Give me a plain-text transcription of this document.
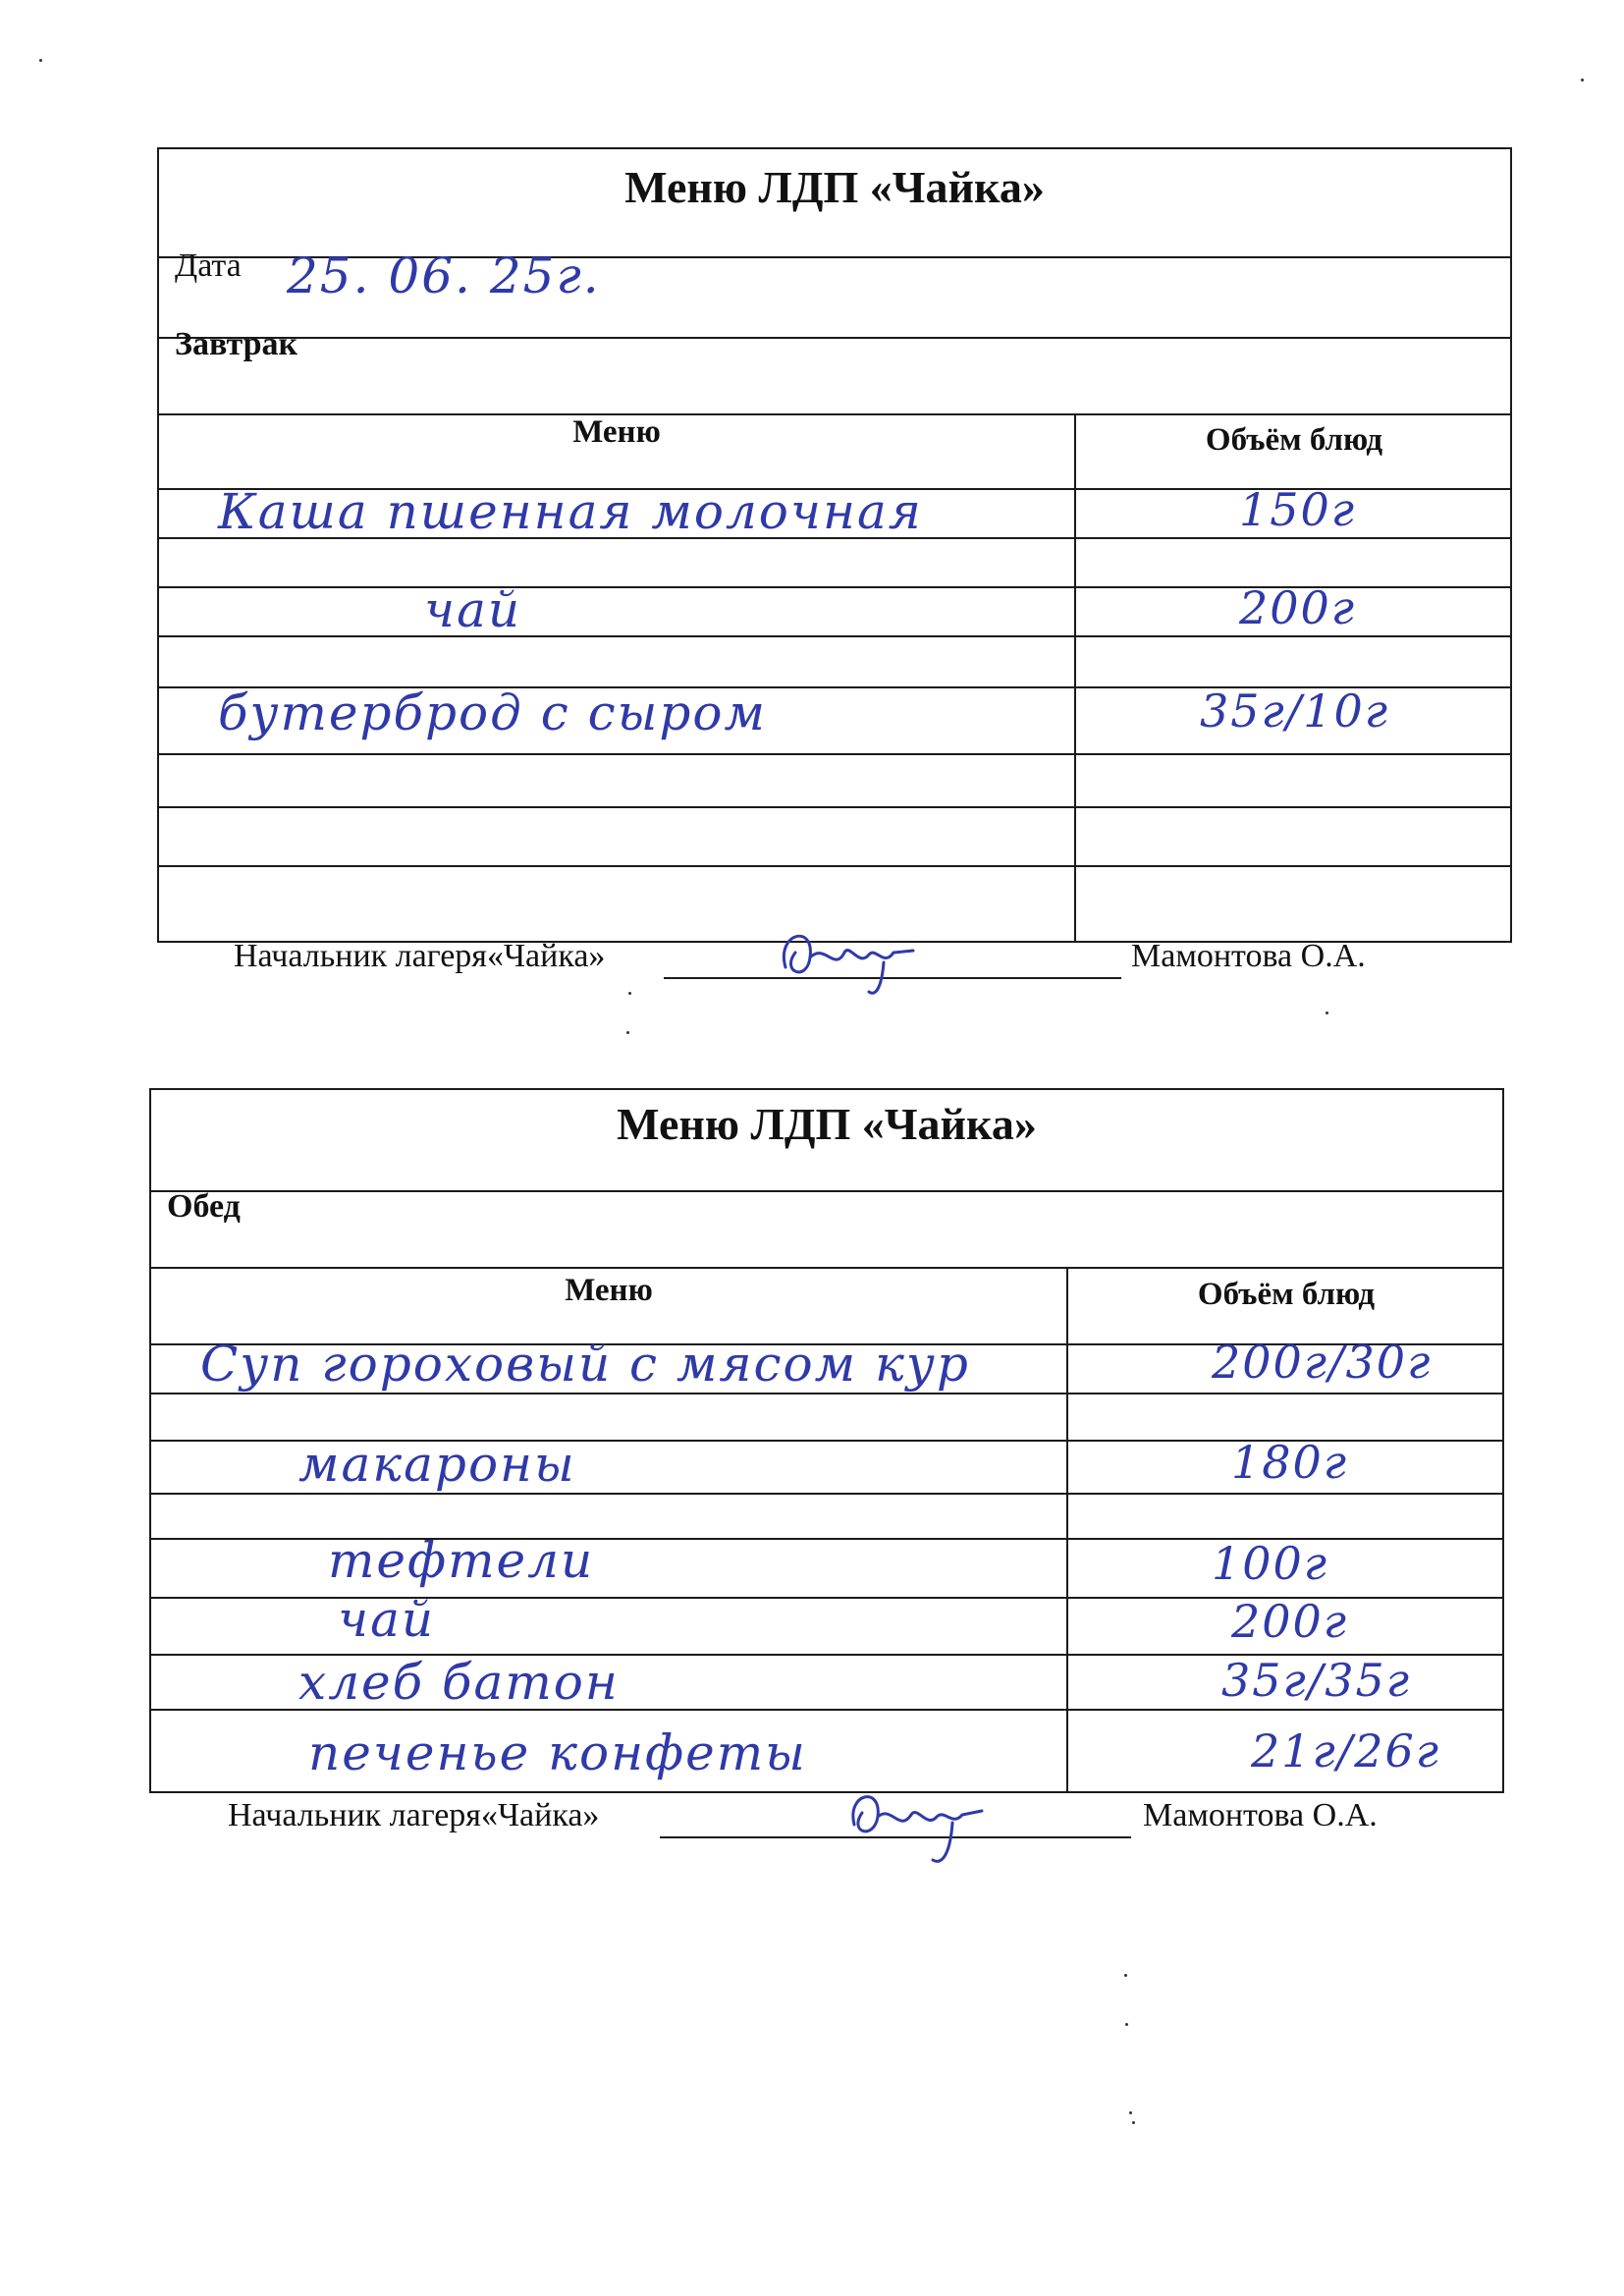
Меню ЛДП «Чайка»
Дата 25. 06. 25г.
Завтрак
Меню	Объём блюд
Каша пшенная молочная	150г
чай	200г
бутерброд с сыром	35г/10г
Начальник лагеря«Чайка»	Мамонтова О.А.
Меню ЛДП «Чайка»
Обед
Меню	Объём блюд
Суп гороховый с мясом кур	200г/30г
макароны	180г
тефтели	100г
чай	200г
хлеб батон	35г/35г
печенье конфеты	21г/26г
Начальник лагеря«Чайка»	Мамонтова О.А.
